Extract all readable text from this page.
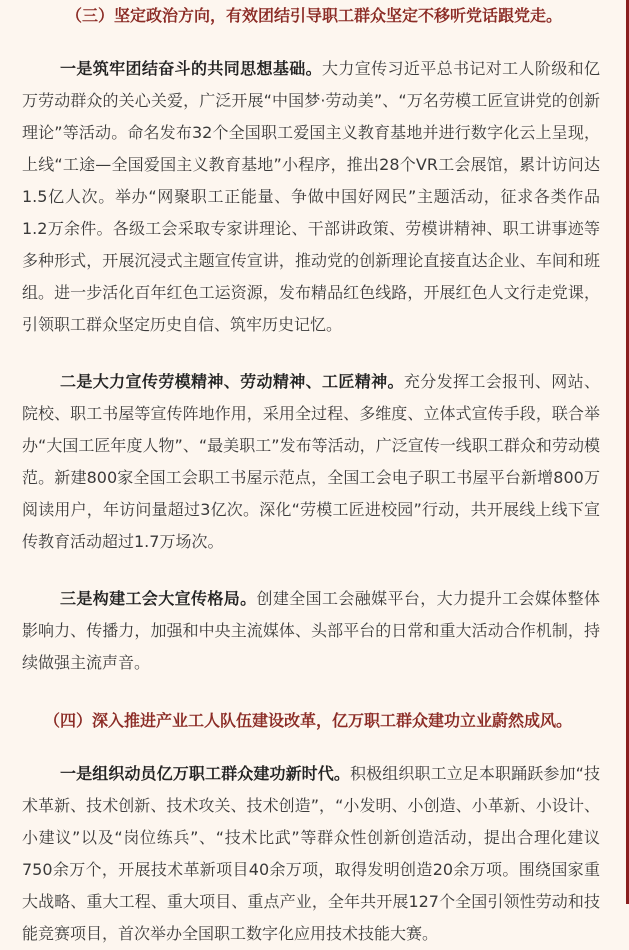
（三）坚定政治方向，有效团结引导职工群众坚定不移听党话跟党走。

一是筑牢团结奋斗的共同思想基础。大力宣传习近平总书记对工人阶级和亿万劳动群众的关心关爱，广泛开展“中国梦·劳动美”、“万名劳模工匠宣讲党的创新理论”等活动。命名发布32个全国职工爱国主义教育基地并进行数字化云上呈现，上线“工途—全国爱国主义教育基地”小程序，推出28个VR工会展馆，累计访问达1.5亿人次。举办“网聚职工正能量、争做中国好网民”主题活动，征求各类作品1.2万余件。各级工会采取专家讲理论、干部讲政策、劳模讲精神、职工讲事迹等多种形式，开展沉浸式主题宣传宣讲，推动党的创新理论直接直达企业、车间和班组。进一步活化百年红色工运资源，发布精品红色线路，开展红色人文行走党课，引领职工群众坚定历史自信、筑牢历史记忆。

二是大力宣传劳模精神、劳动精神、工匠精神。充分发挥工会报刊、网站、院校、职工书屋等宣传阵地作用，采用全过程、多维度、立体式宣传手段，联合举办“大国工匠年度人物”、“最美职工”发布等活动，广泛宣传一线职工群众和劳动模范。新建800家全国工会职工书屋示范点，全国工会电子职工书屋平台新增800万阅读用户，年访问量超过3亿次。深化“劳模工匠进校园”行动，共开展线上线下宣传教育活动超过1.7万场次。

三是构建工会大宣传格局。创建全国工会融媒平台，大力提升工会媒体整体影响力、传播力，加强和中央主流媒体、头部平台的日常和重大活动合作机制，持续做强主流声音。

（四）深入推进产业工人队伍建设改革，亿万职工群众建功立业蔚然成风。

一是组织动员亿万职工群众建功新时代。积极组织职工立足本职踊跃参加“技术革新、技术创新、技术攻关、技术创造”，“小发明、小创造、小革新、小设计、小建议”以及“岗位练兵”、“技术比武”等群众性创新创造活动，提出合理化建议750余万个，开展技术革新项目40余万项，取得发明创造20余万项。围绕国家重大战略、重大工程、重大项目、重点产业，全年共开展127个全国引领性劳动和技能竞赛项目，首次举办全国职工数字化应用技术技能大赛。
